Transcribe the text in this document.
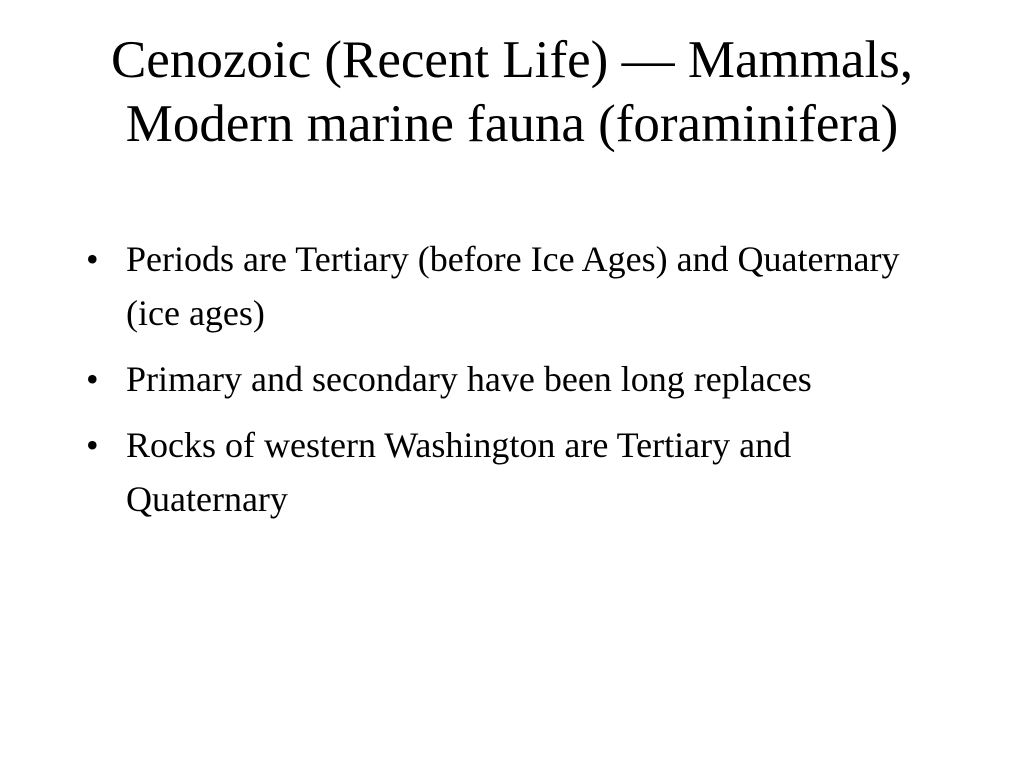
Cenozoic (Recent Life) — Mammals, Modern marine fauna (foraminifera)
• Periods are Tertiary (before Ice Ages) and Quaternary (ice ages)
• Primary and secondary have been long replaces
• Rocks of western Washington are Tertiary and Quaternary
